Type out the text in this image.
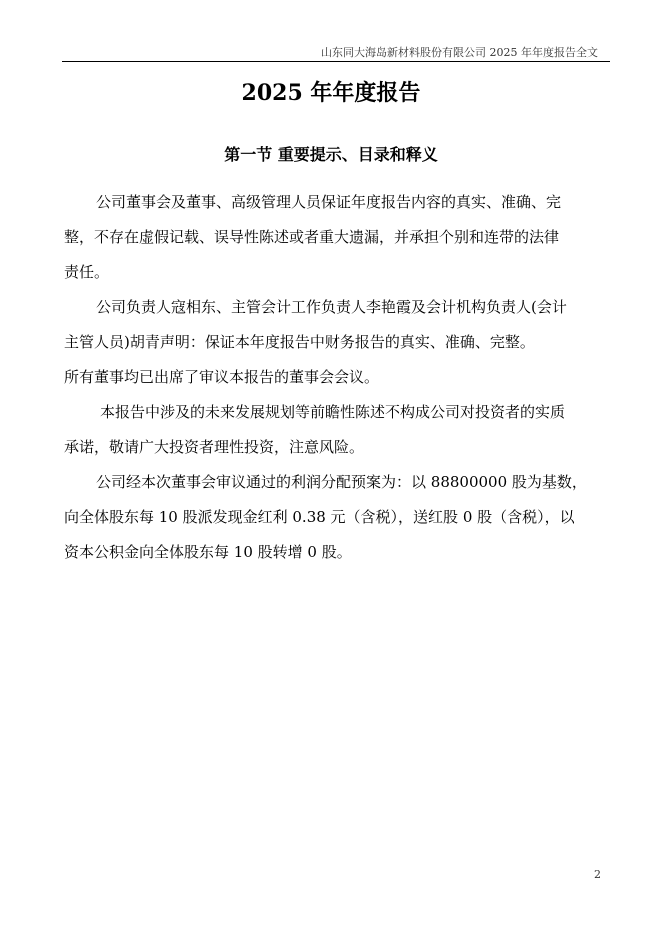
山东同大海岛新材料股份有限公司 2025 年年度报告全文
2025 年年度报告
第一节 重要提示、目录和释义
公司董事会及董事、高级管理人员保证年度报告内容的真实、准确、完
整，不存在虚假记载、误导性陈述或者重大遗漏，并承担个别和连带的法律
责任。
公司负责人寇相东、主管会计工作负责人李艳霞及会计机构负责人(会计
主管人员)胡青声明：保证本年度报告中财务报告的真实、准确、完整。
所有董事均已出席了审议本报告的董事会会议。
本报告中涉及的未来发展规划等前瞻性陈述不构成公司对投资者的实质
承诺，敬请广大投资者理性投资，注意风险。
公司经本次董事会审议通过的利润分配预案为：以 88800000 股为基数，
向全体股东每 10 股派发现金红利 0.38 元（含税），送红股 0 股（含税），以
资本公积金向全体股东每 10 股转增 0 股。
2
